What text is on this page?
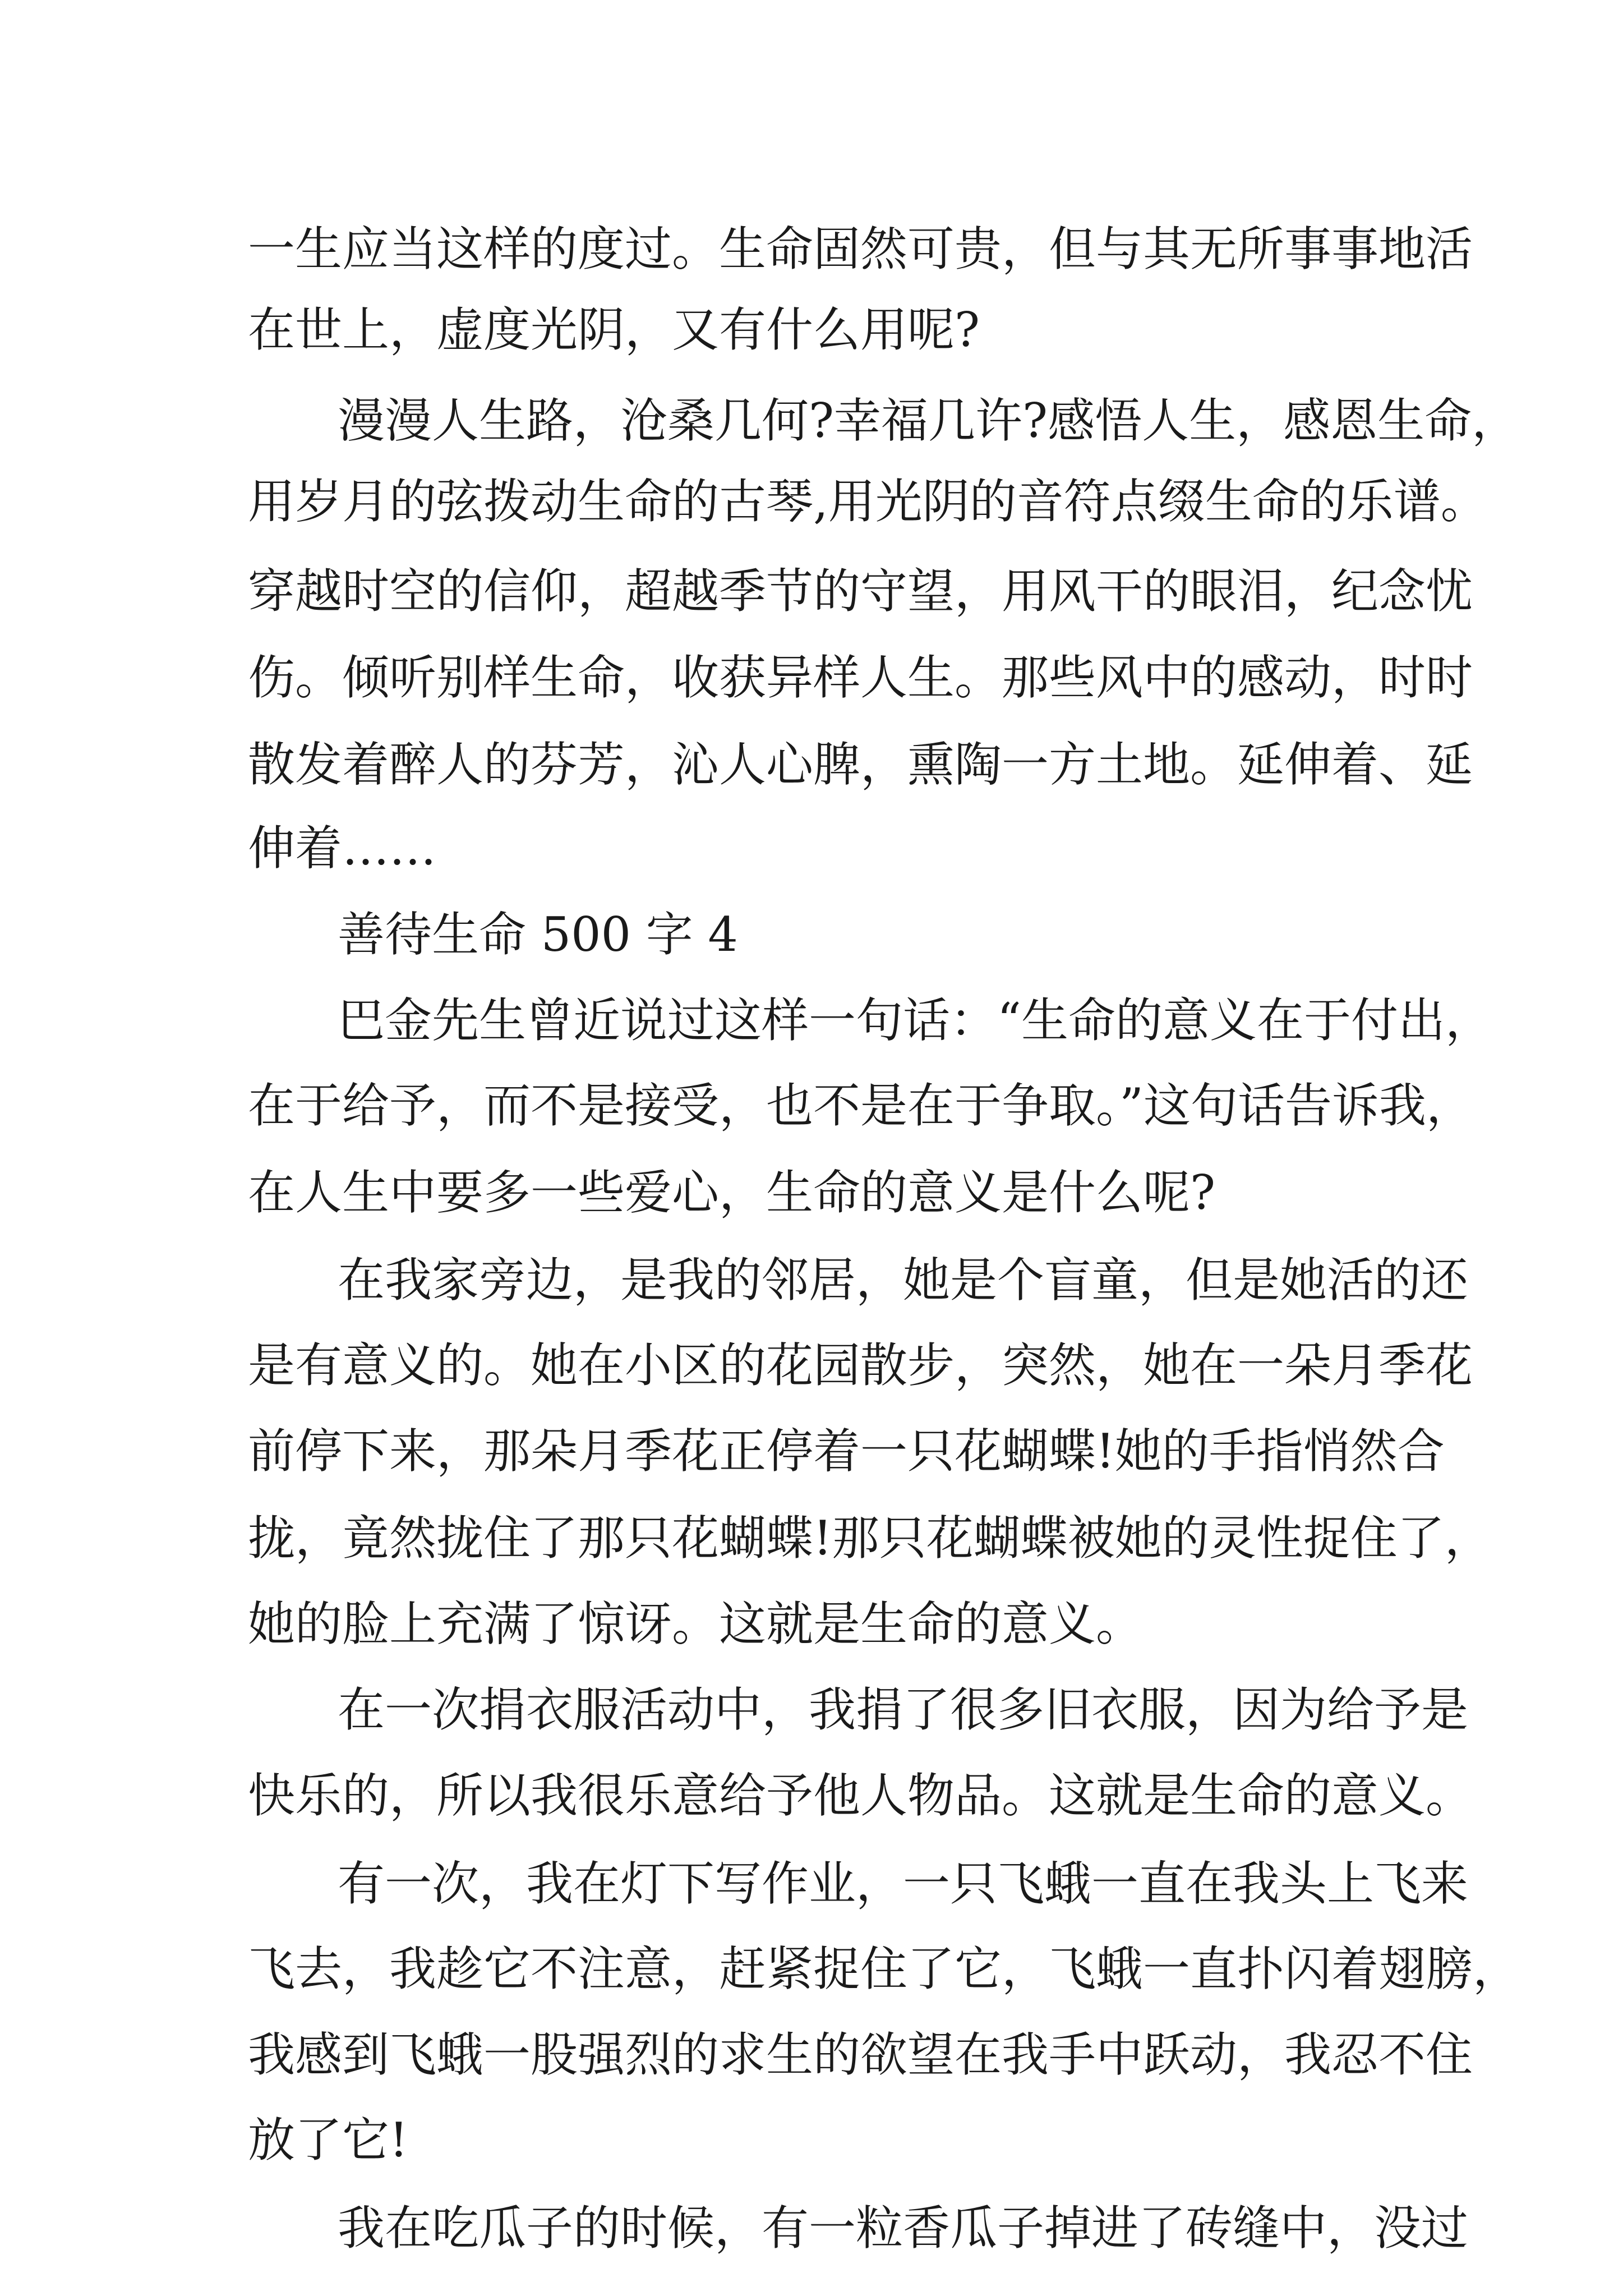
一生应当这样的度过。生命固然可贵，但与其无所事事地活
在世上，虚度光阴，又有什么用呢?
漫漫人生路，沧桑几何?幸福几许?感悟人生，感恩生命，
用岁月的弦拨动生命的古琴,用光阴的音符点缀生命的乐谱。
穿越时空的信仰，超越季节的守望，用风干的眼泪，纪念忧
伤。倾听别样生命，收获异样人生。那些风中的感动，时时
散发着醉人的芬芳，沁人心脾，熏陶一方土地。延伸着、延
伸着……
善待生命 500 字 4
巴金先生曾近说过这样一句话：“生命的意义在于付出，
在于给予，而不是接受，也不是在于争取。”这句话告诉我，
在人生中要多一些爱心，生命的意义是什么呢?
在我家旁边，是我的邻居，她是个盲童，但是她活的还
是有意义的。她在小区的花园散步，突然，她在一朵月季花
前停下来，那朵月季花正停着一只花蝴蝶!她的手指悄然合
拢，竟然拢住了那只花蝴蝶!那只花蝴蝶被她的灵性捉住了，
她的脸上充满了惊讶。这就是生命的意义。
在一次捐衣服活动中，我捐了很多旧衣服，因为给予是
快乐的，所以我很乐意给予他人物品。这就是生命的意义。
有一次，我在灯下写作业，一只飞蛾一直在我头上飞来
飞去，我趁它不注意，赶紧捉住了它，飞蛾一直扑闪着翅膀，
我感到飞蛾一股强烈的求生的欲望在我手中跃动，我忍不住
放了它!
我在吃瓜子的时候，有一粒香瓜子掉进了砖缝中，没过
